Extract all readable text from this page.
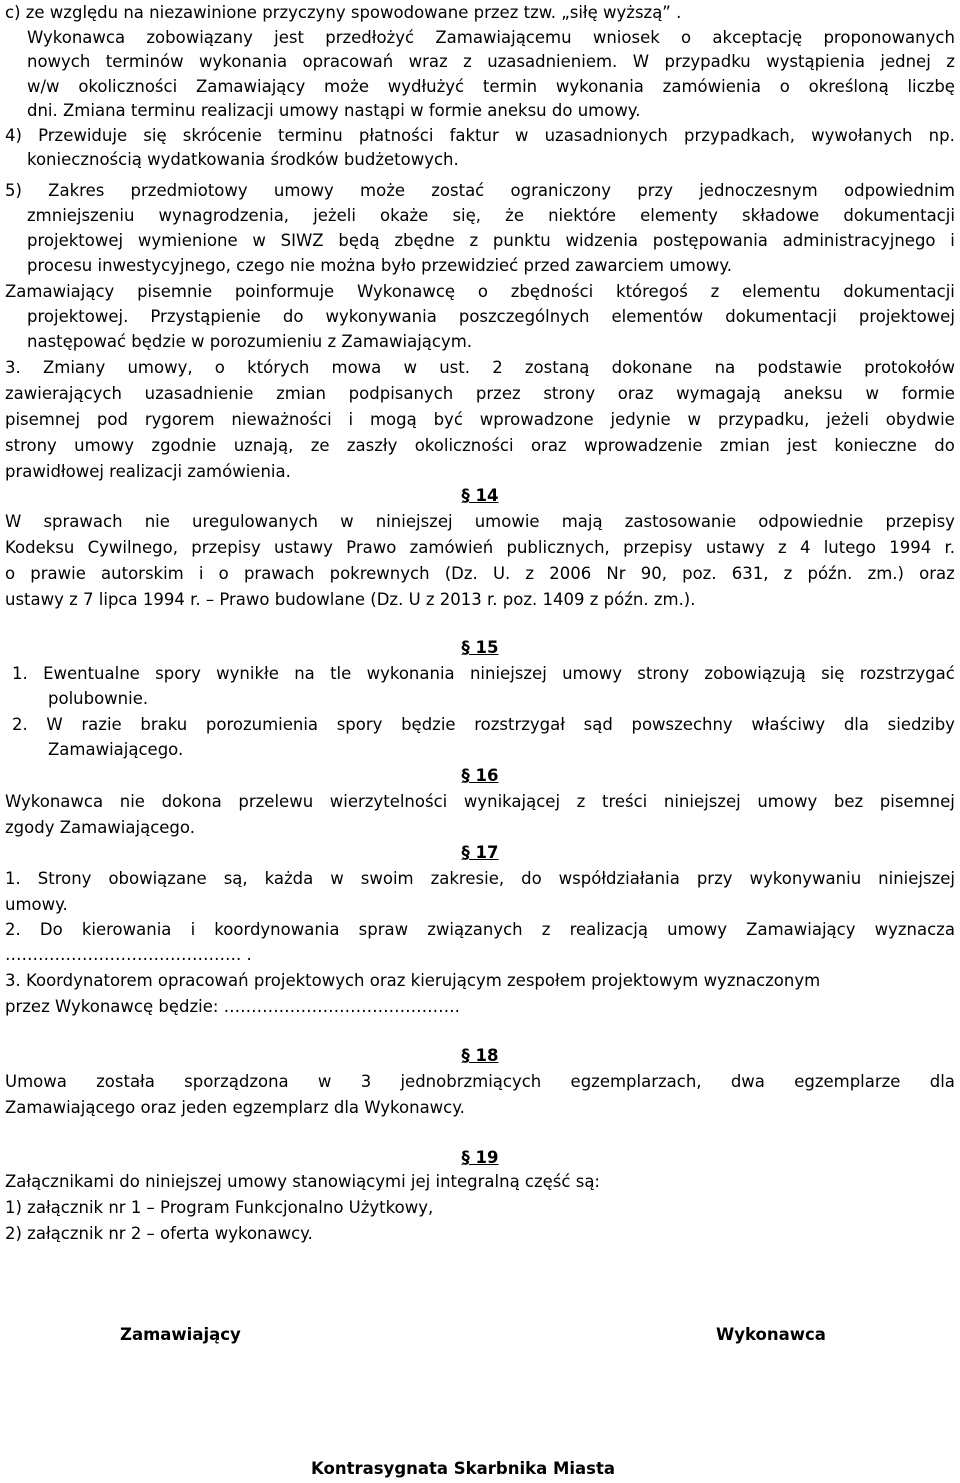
c) ze względu na niezawinione przyczyny spowodowane przez tzw. „siłę wyższą” .
Wykonawca zobowiązany jest przedłożyć Zamawiającemu wniosek o akceptację proponowanych
nowych terminów wykonania opracowań wraz z uzasadnieniem. W przypadku wystąpienia jednej z
w/w okoliczności Zamawiający może wydłużyć termin wykonania zamówienia o określoną liczbę
dni. Zmiana terminu realizacji umowy nastąpi w formie aneksu do umowy.
4) Przewiduje się skrócenie terminu płatności faktur w uzasadnionych przypadkach, wywołanych np.
koniecznością wydatkowania środków budżetowych.
5) Zakres przedmiotowy umowy może zostać ograniczony przy jednoczesnym odpowiednim
zmniejszeniu wynagrodzenia, jeżeli okaże się, że niektóre elementy składowe dokumentacji
projektowej wymienione w SIWZ będą zbędne z punktu widzenia postępowania administracyjnego i
procesu inwestycyjnego, czego nie można było przewidzieć przed zawarciem umowy.
Zamawiający pisemnie poinformuje Wykonawcę o zbędności któregoś z elementu dokumentacji
projektowej. Przystąpienie do wykonywania poszczególnych elementów dokumentacji projektowej
następować będzie w porozumieniu z Zamawiającym.
3. Zmiany umowy, o których mowa w ust. 2 zostaną dokonane na podstawie protokołów
zawierających uzasadnienie zmian podpisanych przez strony oraz wymagają aneksu w formie
pisemnej pod rygorem nieważności i mogą być wprowadzone jedynie w przypadku, jeżeli obydwie
strony umowy zgodnie uznają, ze zaszły okoliczności oraz wprowadzenie zmian jest konieczne do
prawidłowej realizacji zamówienia.
W sprawach nie uregulowanych w niniejszej umowie mają zastosowanie odpowiednie przepisy
Kodeksu Cywilnego, przepisy ustawy Prawo zamówień publicznych, przepisy ustawy z 4 lutego 1994 r.
o prawie autorskim i o prawach pokrewnych (Dz. U. z 2006 Nr 90, poz. 631, z późn. zm.) oraz
ustawy z 7 lipca 1994 r. – Prawo budowlane (Dz. U z 2013 r. poz. 1409 z późn. zm.).
1. Ewentualne spory wynikłe na tle wykonania niniejszej umowy strony zobowiązują się rozstrzygać
polubownie.
2. W razie braku porozumienia spory będzie rozstrzygał sąd powszechny właściwy dla siedziby
Zamawiającego.
Wykonawca nie dokona przelewu wierzytelności wynikającej z treści niniejszej umowy bez pisemnej
zgody Zamawiającego.
1. Strony obowiązane są, każda w swoim zakresie, do współdziałania przy wykonywaniu niniejszej
umowy.
2. Do kierowania i koordynowania spraw związanych z realizacją umowy Zamawiający wyznacza
……………………………………. .
3. Koordynatorem opracowań projektowych oraz kierującym zespołem projektowym wyznaczonym
przez Wykonawcę będzie: …………………………………….
Umowa została sporządzona w 3 jednobrzmiących egzemplarzach, dwa egzemplarze dla
Zamawiającego oraz jeden egzemplarz dla Wykonawcy.
Załącznikami do niniejszej umowy stanowiącymi jej integralną część są:
1) załącznik nr 1 – Program Funkcjonalno Użytkowy,
2) załącznik nr 2 – oferta wykonawcy.
§ 14
§ 15
§ 16
§ 17
§ 18
§ 19
Zamawiający	Wykonawca
Kontrasygnata Skarbnika Miasta
